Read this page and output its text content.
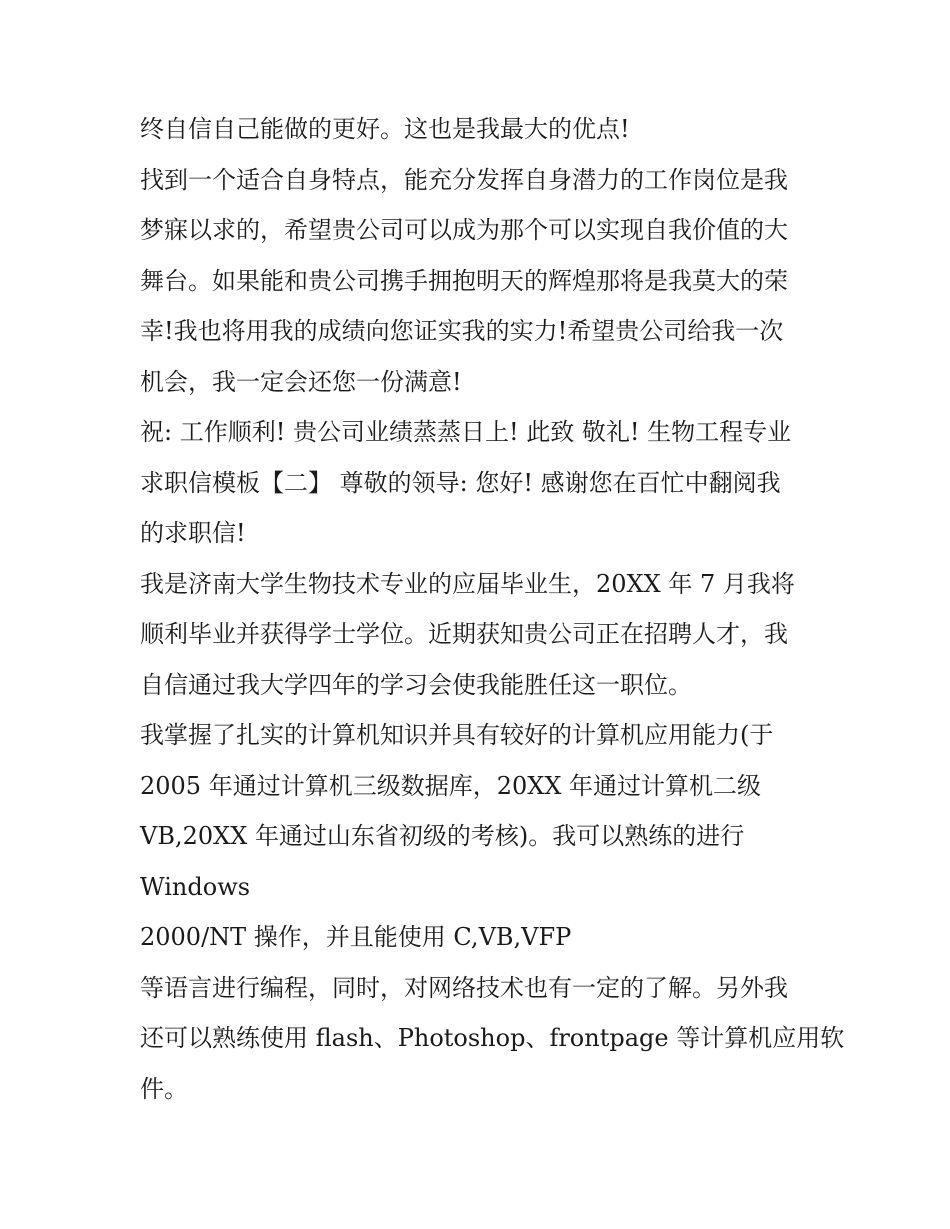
终自信自己能做的更好。这也是我最大的优点!
找到一个适合自身特点，能充分发挥自身潜力的工作岗位是我
梦寐以求的，希望贵公司可以成为那个可以实现自我价值的大
舞台。如果能和贵公司携手拥抱明天的辉煌那将是我莫大的荣
幸!我也将用我的成绩向您证实我的实力!希望贵公司给我一次
机会，我一定会还您一份满意!
祝: 工作顺利! 贵公司业绩蒸蒸日上! 此致 敬礼! 生物工程专业
求职信模板【二】 尊敬的领导: 您好! 感谢您在百忙中翻阅我
的求职信!
我是济南大学生物技术专业的应届毕业生，20XX 年 7 月我将
顺利毕业并获得学士学位。近期获知贵公司正在招聘人才，我
自信通过我大学四年的学习会使我能胜任这一职位。
我掌握了扎实的计算机知识并具有较好的计算机应用能力(于
2005 年通过计算机三级数据库，20XX 年通过计算机二级
VB,20XX 年通过山东省初级的考核)。我可以熟练的进行
Windows
2000/NT 操作，并且能使用 C,VB,VFP
等语言进行编程，同时，对网络技术也有一定的了解。另外我
还可以熟练使用 flash、Photoshop、frontpage 等计算机应用软
件。
